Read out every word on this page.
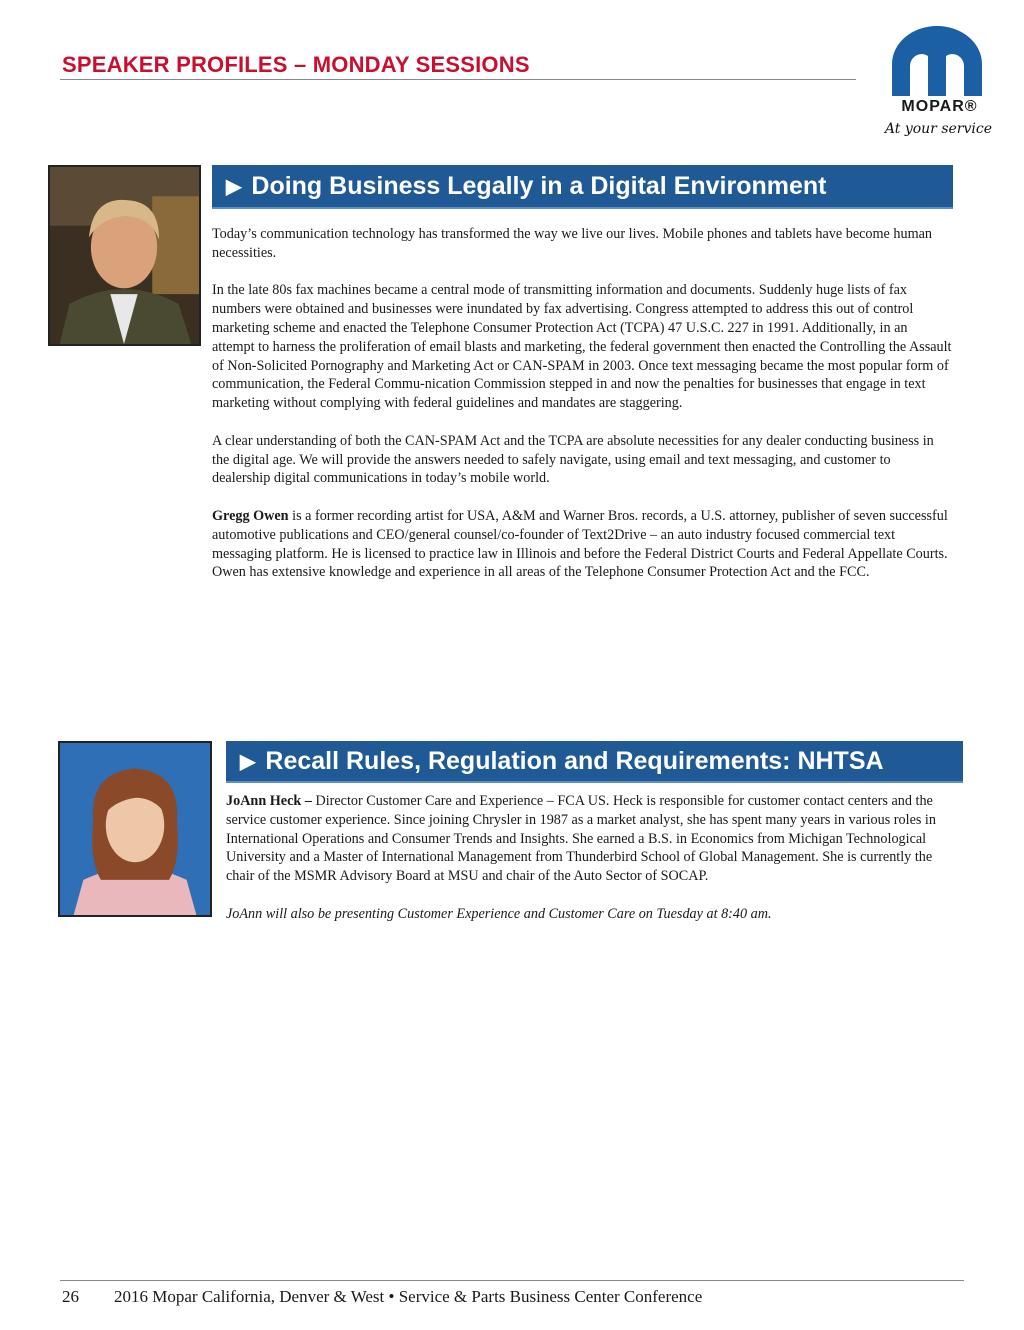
SPEAKER PROFILES – MONDAY SESSIONS
MOPAR®
At your service
▶ Doing Business Legally in a Digital Environment

Today’s communication technology has transformed the way we live our lives. Mobile phones and tablets have become human necessities.

In the late 80s fax machines became a central mode of transmitting information and documents. Suddenly huge lists of fax numbers were obtained and businesses were inundated by fax advertising. Congress attempted to address this out of control marketing scheme and enacted the Telephone Consumer Protection Act (TCPA) 47 U.S.C. 227 in 1991. Additionally, in an attempt to harness the proliferation of email blasts and marketing, the federal government then enacted the Controlling the Assault of Non-Solicited Pornography and Marketing Act or CAN-SPAM in 2003. Once text messaging became the most popular form of communication, the Federal Commu-nication Commission stepped in and now the penalties for businesses that engage in text marketing without complying with federal guidelines and mandates are staggering.

A clear understanding of both the CAN-SPAM Act and the TCPA are absolute necessities for any dealer conducting business in the digital age. We will provide the answers needed to safely navigate, using email and text messaging, and customer to dealership digital communications in today’s mobile world.

Gregg Owen is a former recording artist for USA, A&M and Warner Bros. records, a U.S. attorney, publisher of seven successful automotive publications and CEO/general counsel/co-founder of Text2Drive – an auto industry focused commercial text messaging platform. He is licensed to practice law in Illinois and before the Federal District Courts and Federal Appellate Courts. Owen has extensive knowledge and experience in all areas of the Telephone Consumer Protection Act and the FCC.

▶ Recall Rules, Regulation and Requirements: NHTSA

JoAnn Heck – Director Customer Care and Experience – FCA US. Heck is responsible for customer contact centers and the service customer experience. Since joining Chrysler in 1987 as a market analyst, she has spent many years in various roles in International Operations and Consumer Trends and Insights. She earned a B.S. in Economics from Michigan Technological University and a Master of International Management from Thunderbird School of Global Management. She is currently the chair of the MSMR Advisory Board at MSU and chair of the Auto Sector of SOCAP.

JoAnn will also be presenting Customer Experience and Customer Care on Tuesday at 8:40 am.

26 2016 Mopar California, Denver & West • Service & Parts Business Center Conference
